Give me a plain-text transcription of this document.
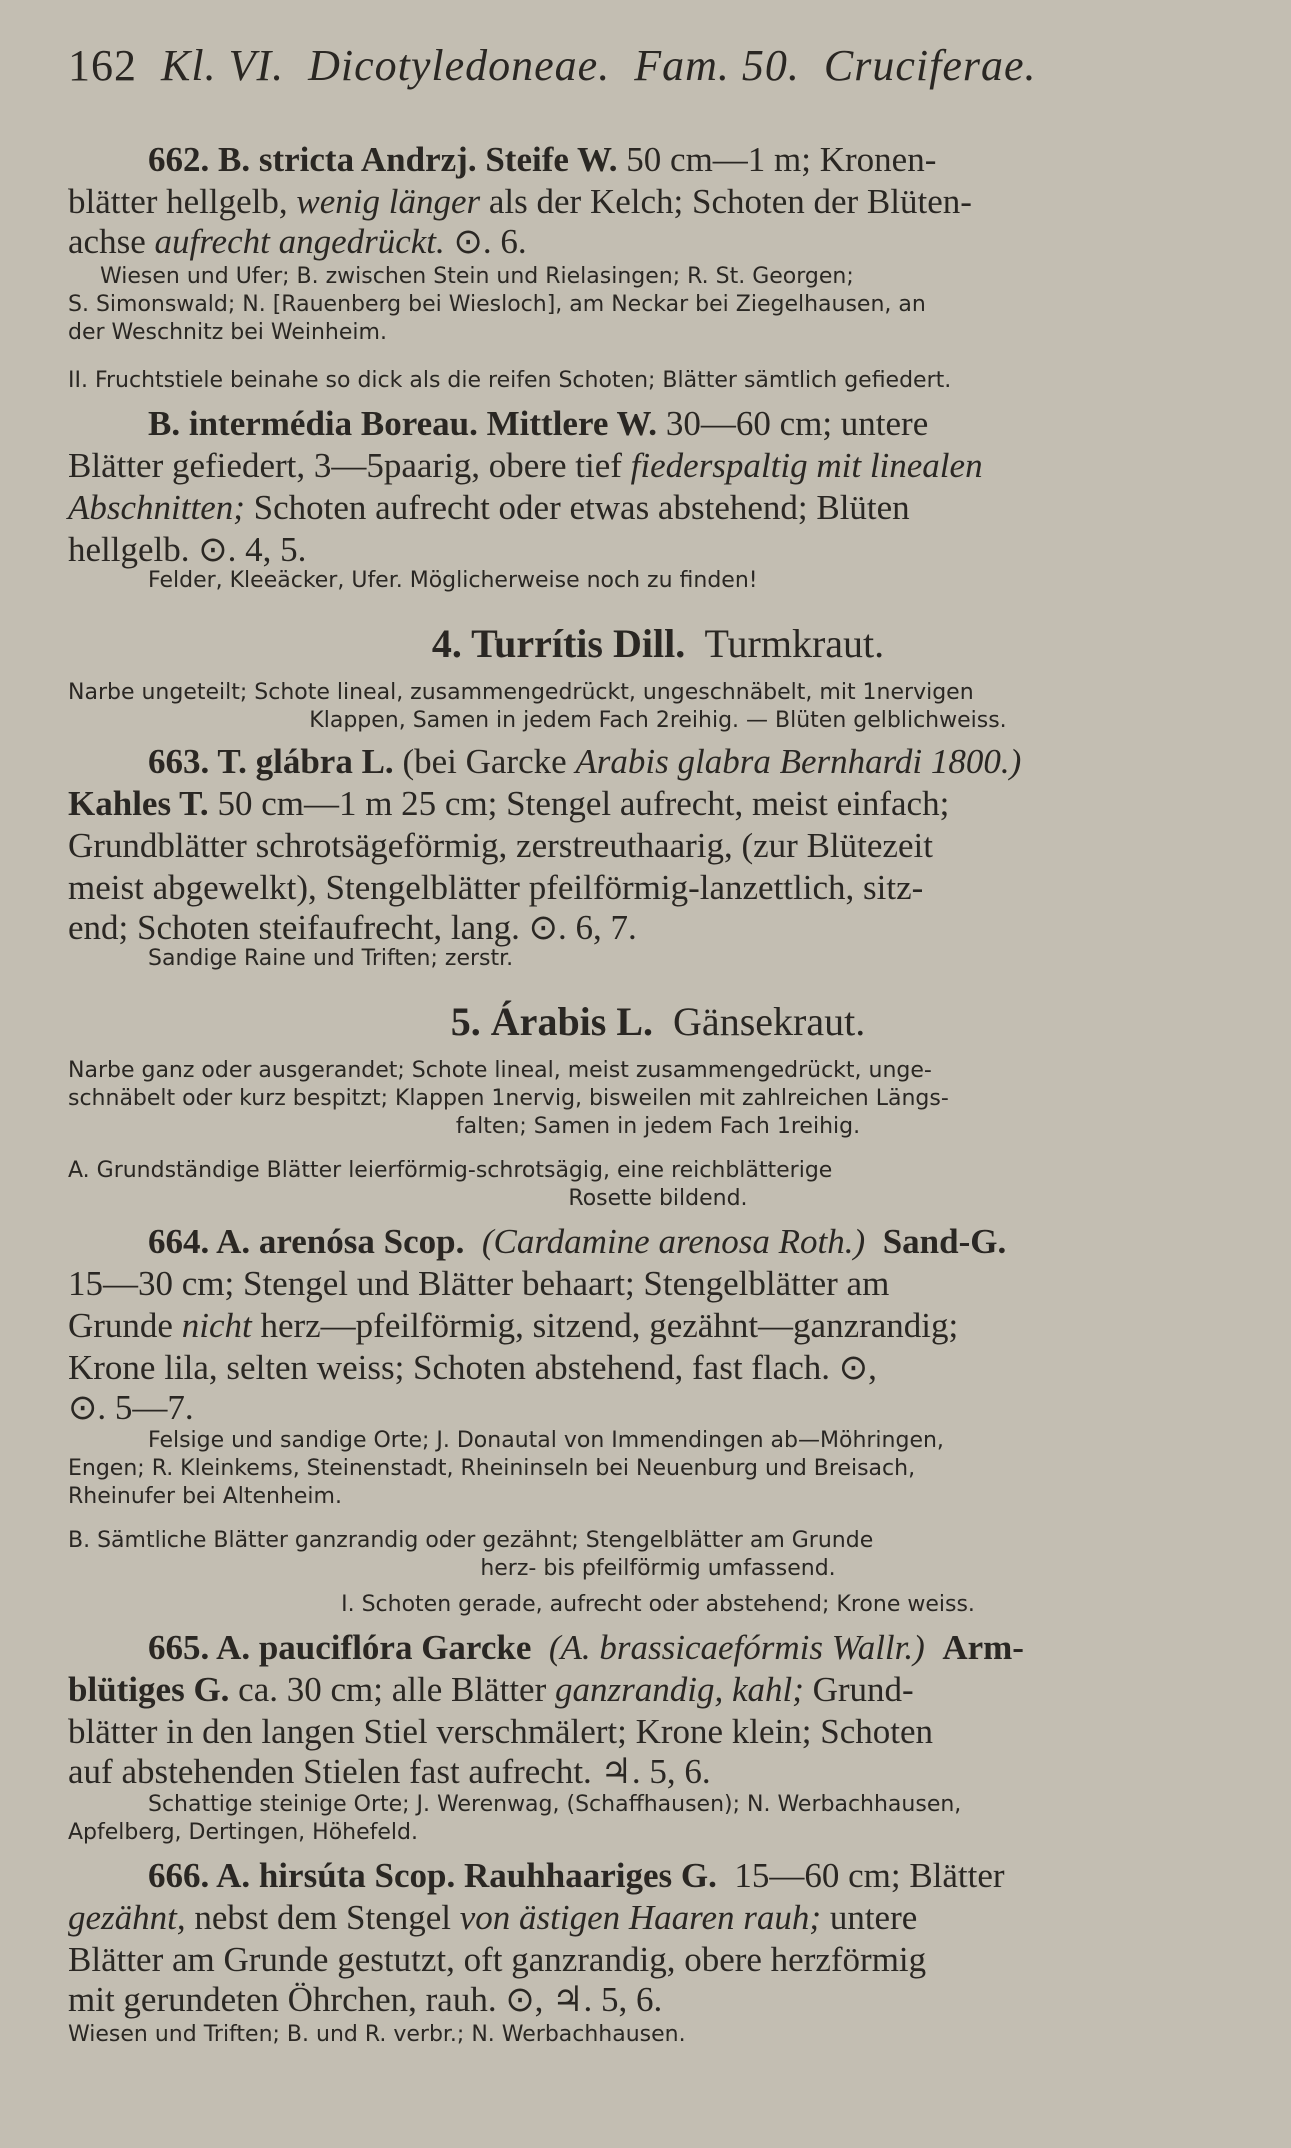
162 Kl. VI. Dicotyledoneae. Fam. 50. Cruciferae.
662. B. stricta Andrzj. Steife W. 50 cm—1 m; Kronen-
blätter hellgelb, wenig länger als der Kelch; Schoten der Blüten-
achse aufrecht angedrückt. ⊙. 6.
Wiesen und Ufer; B. zwischen Stein und Rielasingen; R. St. Georgen;
S. Simonswald; N. [Rauenberg bei Wiesloch], am Neckar bei Ziegelhausen, an
der Weschnitz bei Weinheim.
II. Fruchtstiele beinahe so dick als die reifen Schoten; Blätter sämtlich gefiedert.
B. intermédia Boreau. Mittlere W. 30—60 cm; untere
Blätter gefiedert, 3—5paarig, obere tief fiederspaltig mit linealen
Abschnitten; Schoten aufrecht oder etwas abstehend; Blüten
hellgelb. ⊙. 4, 5.
Felder, Kleeäcker, Ufer. Möglicherweise noch zu finden!
4. Turrítis Dill. Turmkraut.
Narbe ungeteilt; Schote lineal, zusammengedrückt, ungeschnäbelt, mit 1nervigen
Klappen, Samen in jedem Fach 2reihig. — Blüten gelblichweiss.
663. T. glábra L. (bei Garcke Arabis glabra Bernhardi 1800.)
Kahles T. 50 cm—1 m 25 cm; Stengel aufrecht, meist einfach;
Grundblätter schrotsägeförmig, zerstreuthaarig, (zur Blütezeit
meist abgewelkt), Stengelblätter pfeilförmig-lanzettlich, sitz-
end; Schoten steifaufrecht, lang. ⊙. 6, 7.
Sandige Raine und Triften; zerstr.
5. Árabis L. Gänsekraut.
Narbe ganz oder ausgerandet; Schote lineal, meist zusammengedrückt, unge-
schnäbelt oder kurz bespitzt; Klappen 1nervig, bisweilen mit zahlreichen Längs-
falten; Samen in jedem Fach 1reihig.
A. Grundständige Blätter leierförmig-schrotsägig, eine reichblätterige
Rosette bildend.
664. A. arenósa Scop. (Cardamine arenosa Roth.) Sand-G.
15—30 cm; Stengel und Blätter behaart; Stengelblätter am
Grunde nicht herz—pfeilförmig, sitzend, gezähnt—ganzrandig;
Krone lila, selten weiss; Schoten abstehend, fast flach. ⊙,
⊙. 5—7.
Felsige und sandige Orte; J. Donautal von Immendingen ab—Möhringen,
Engen; R. Kleinkems, Steinenstadt, Rheininseln bei Neuenburg und Breisach,
Rheinufer bei Altenheim.
B. Sämtliche Blätter ganzrandig oder gezähnt; Stengelblätter am Grunde
herz- bis pfeilförmig umfassend.
I. Schoten gerade, aufrecht oder abstehend; Krone weiss.
665. A. pauciflóra Garcke (A. brassicaefórmis Wallr.) Arm-
blütiges G. ca. 30 cm; alle Blätter ganzrandig, kahl; Grund-
blätter in den langen Stiel verschmälert; Krone klein; Schoten
auf abstehenden Stielen fast aufrecht. ♃. 5, 6.
Schattige steinige Orte; J. Werenwag, (Schaffhausen); N. Werbachhausen,
Apfelberg, Dertingen, Höhefeld.
666. A. hirsúta Scop. Rauhhaariges G. 15—60 cm; Blätter
gezähnt, nebst dem Stengel von ästigen Haaren rauh; untere
Blätter am Grunde gestutzt, oft ganzrandig, obere herzförmig
mit gerundeten Öhrchen, rauh. ⊙, ♃. 5, 6.
Wiesen und Triften; B. und R. verbr.; N. Werbachhausen.
